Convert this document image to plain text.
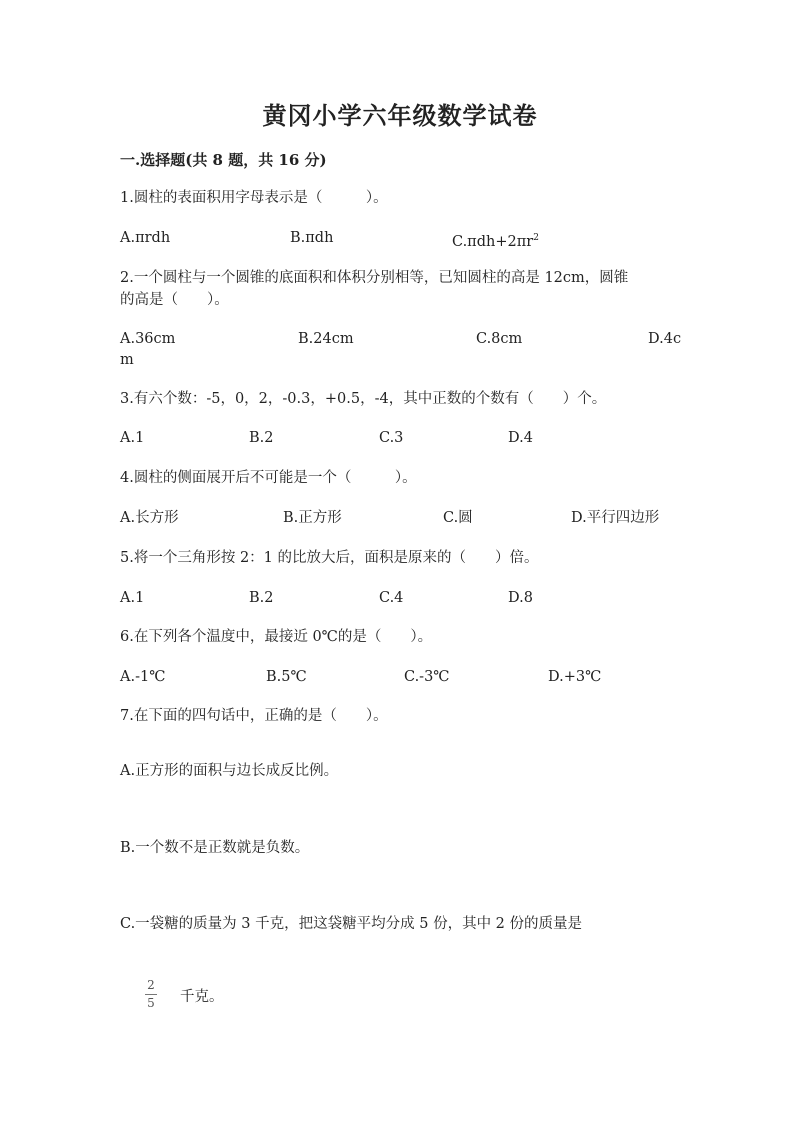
黄冈小学六年级数学试卷
一.选择题(共 8 题，共 16 分)
1.圆柱的表面积用字母表示是（　　　）。
A.πrdh	B.πdh	$C.\pi dh+2\pi r^2$
2.一个圆柱与一个圆锥的底面积和体积分别相等，已知圆柱的高是 12cm，圆锥
的高是（　　）。
A.36cm	B.24cm	C.8cm	D.4c
m
3.有六个数：-5，0，2，-0.3，+0.5，-4，其中正数的个数有（　　）个。
A.1	B.2	C.3	D.4
4.圆柱的侧面展开后不可能是一个（　　　）。
A.长方形	B.正方形	C.圆	D.平行四边形
5.将一个三角形按 2：1 的比放大后，面积是原来的（　　）倍。
A.1	B.2	C.4	D.8
6.在下列各个温度中，最接近 0℃的是（　　）。
A.-1℃	B.5℃	C.-3℃	D.+3℃
7.在下面的四句话中，正确的是（　　）。
A.正方形的面积与边长成反比例。
B.一个数不是正数就是负数。
C.一袋糖的质量为 3 千克，把这袋糖平均分成 5 份，其中 2 份的质量是
2
5 千克。
